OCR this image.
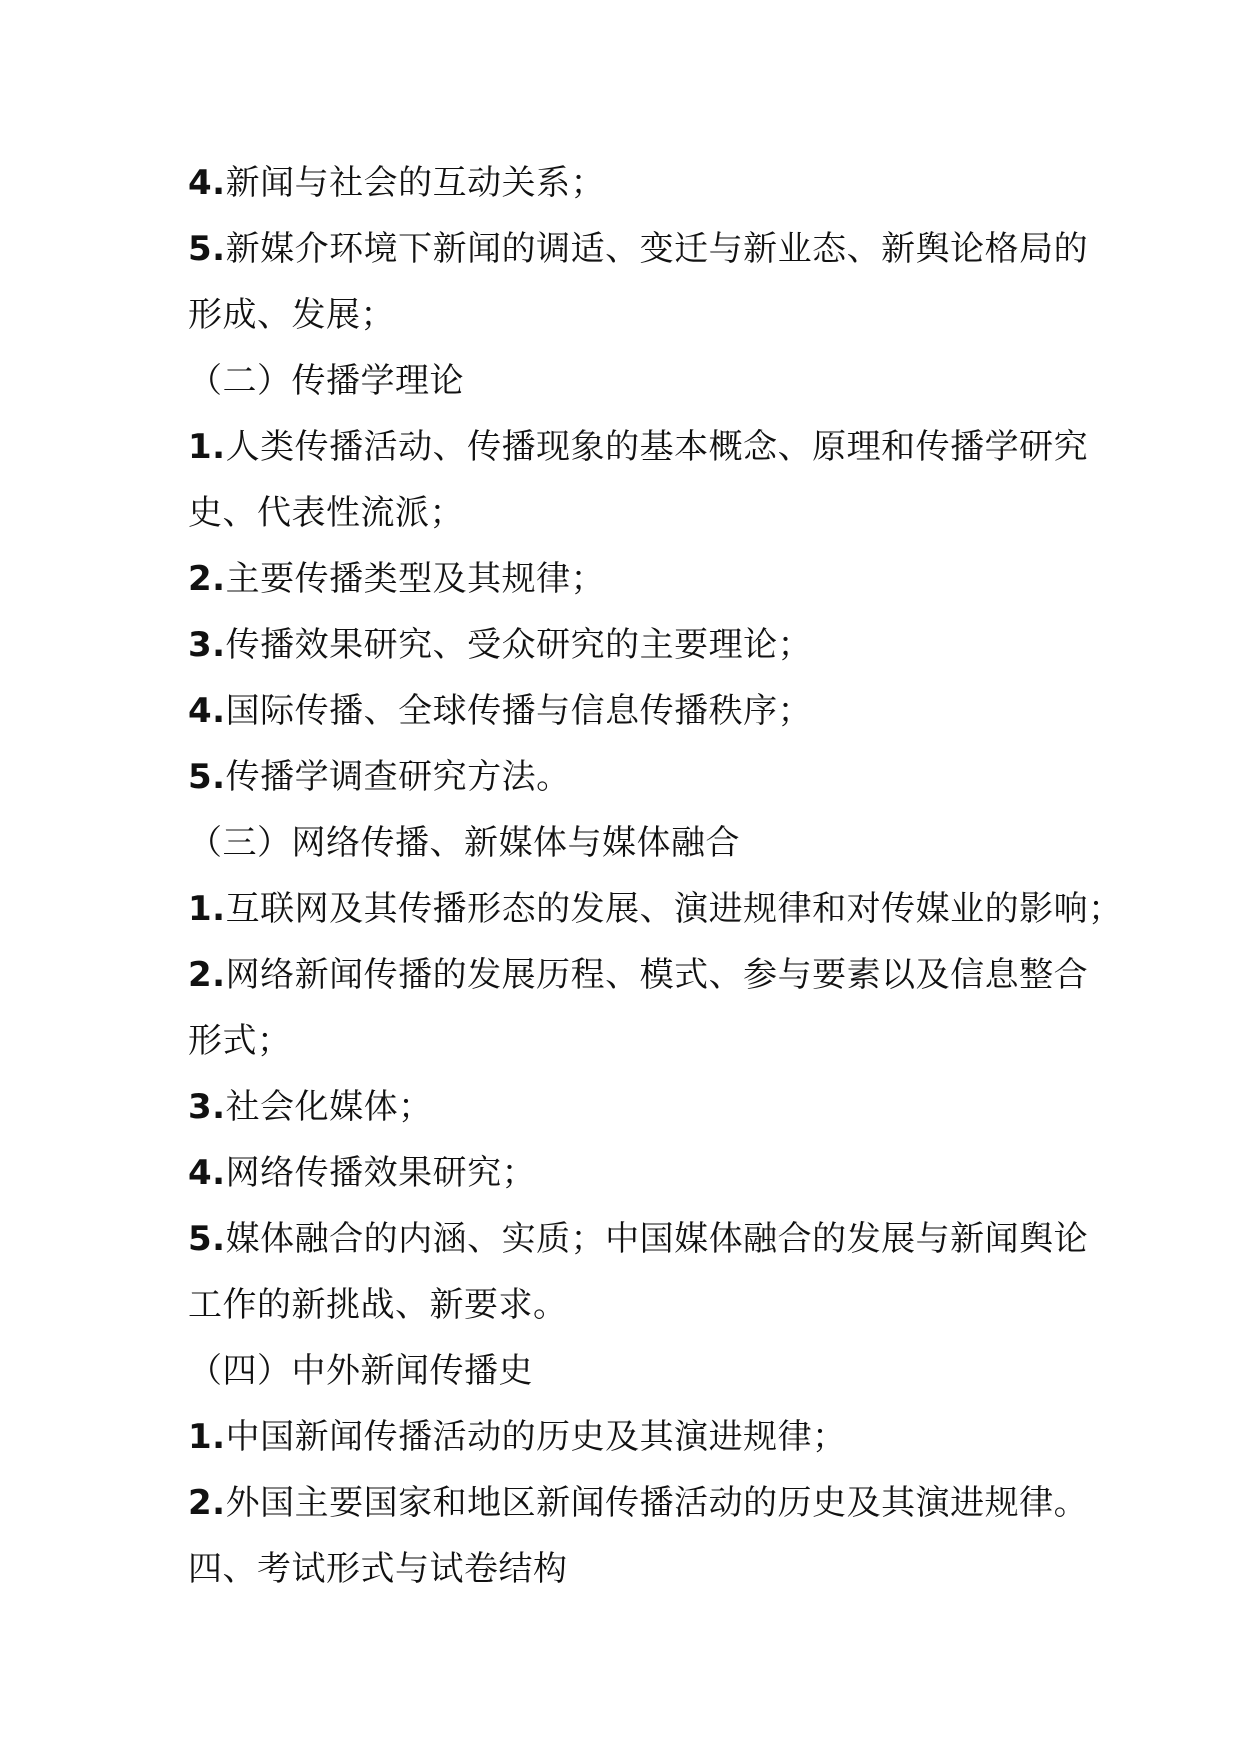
4.新闻与社会的互动关系；
5.新媒介环境下新闻的调适、变迁与新业态、新舆论格局的
形成、发展；
（二）传播学理论
1.人类传播活动、传播现象的基本概念、原理和传播学研究
史、代表性流派；
2.主要传播类型及其规律；
3.传播效果研究、受众研究的主要理论；
4.国际传播、全球传播与信息传播秩序；
5.传播学调查研究方法。
（三）网络传播、新媒体与媒体融合
1.互联网及其传播形态的发展、演进规律和对传媒业的影响；
2.网络新闻传播的发展历程、模式、参与要素以及信息整合
形式；
3.社会化媒体；
4.网络传播效果研究；
5.媒体融合的内涵、实质；中国媒体融合的发展与新闻舆论
工作的新挑战、新要求。
（四）中外新闻传播史
1.中国新闻传播活动的历史及其演进规律；
2.外国主要国家和地区新闻传播活动的历史及其演进规律。
四、考试形式与试卷结构
